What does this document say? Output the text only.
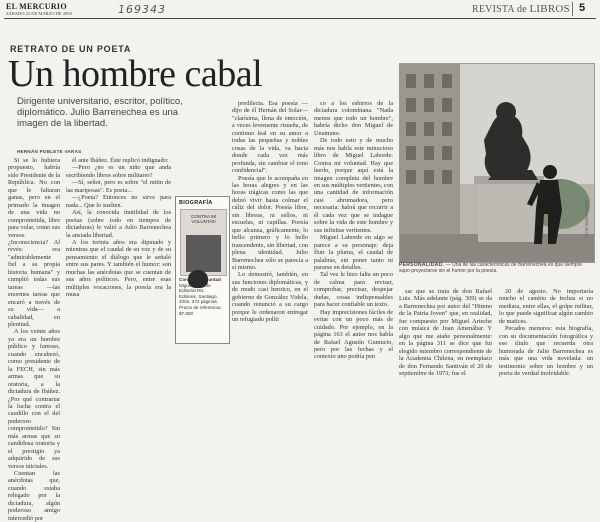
EL MERCURIO
SÁBADO 22 DE MARZO DE 2003	169343	REVISTA de LIBROS 5
RETRATO DE UN POETA
Un hombre cabal
Dirigente universitario, escritor, político, diplomático. Julio Barrenechea es una imagen de la libertad.
HERNÁN POBLETE VARAS

Si se lo hubiera propuesto, habría sido Presidente de la República. No con que le faltaran ganas, pero en el primado la imagen de una vida no comprometida, libre para volar, como sus versos. ¿Inconsciencia? Al revés: era "admirablemente fiel a su propia historia humana" y cumplió todas sus tareas —las enormes tareas que encaró a través de su vida— a cabalidad, en plenitud.

A los veinte años ya era un hombre público y famoso, cuando encabezó, como presidente de la FECH, sin más armas que su oratoria, a la dictadura de Ibáñez. ¿Por qué contrariar la lucha contra el caudillo con el del poderoso comprometido? Sin más armas que su candidosa oratoria y el prestigio ya adquirido de sus versos iniciales.

Cuentan las anécdotas que, cuando estaba relegado por la dictadura, algún poderoso amigo intercedió por

él ante Ibáñez. Éste replicó indignado:

—Pero ¿no es un niño que anda escribiendo libros sobre militares?

—Sí, señor, pero es sobre "el mitin de las mariposas". Es poeta...

—¿Poeta? Entonces no sirve para nada... Que lo suelten.

Así, la conocida inutilidad de los poetas (sobre todo en tiempos de dictaduras) le valió a Julio Barrenechea la ansiada libertad.

A los treinta años era diputado y mientras que el caudal de su voz y de su pensamiento el diálogo que le señaló entre sus pares. Y también el humor: son muchas las anécdotas que se cuentan de sus años políticos. Pero, entre esas múltiples vocaciones, la poesía era la musa

predilecta. Esa poesía —dijo de él Hernán del Solar— "clarísima, llena de emoción, a veces levemente risueña, de continuo leal en su amor a todas las pequeñas y nobles cosas de la vida, va hacia donde cada vez más profunda, sin cambiar el tono confidencial".

Poesía que le acompaña en las horas alegres y en las horas trágicas como las que debió vivir hasta colmar el cáliz del dolor. Poesía libre, sin libreas, ni sellos, ni escuelas, ni capillas. Poesía que alcanza, gráficamente, lo bello primero y lo bello trascendente, sin libertad, con plena identidad. Julio Barrenechea sólo se parecía a sí mismo.

Lo demostró, también, en sus funciones diplomáticas, y de modo casi heroico, en el gobierno de González Videla, cuando renunció a su cargo porque le ordenaron entregar un refugiado políti

co a los esbirros de la dictadura colombiana. "Nada menos que todo un hombre", habría dicho don Miguel de Unamuno.

De todo esto y de mucho más nos habla este minucioso libro de Miguel Laborde: Contra mi voluntad. Hay que leerlo, porque aquí está la imagen completa del hombre en sus múltiples vertientes, con una cantidad de información casi abrumadora, pero necesaria: habrá que recurrir a él cada vez que se indague sobre la vida de este hombre y sus infinitas vertientes.

Miguel Laborde en algo se parece a su personaje: deja fluir la pluma, el caudal de palabras, sin poner tanto ni pararse en detalles.

Tal vez le hizo falta un poco de calma para revisar, comprobar, precisar, despejar dudas, cosas indispensables para hacer confiable un texto.

Hay imprecisiones fáciles de evitar con un poco más de cuidado. Por ejemplo, en la página 163 el autor nos habla de Rafael Agustín Gumucio, pero por las fechas y el contexto uno podría pen

sar que se trata de don Rafael Luis. Más adelante (pág. 309) se da a Barrenechea por autor del "Himno de la Patria Joven" que, en realidad, fue compuesto por Miguel Arteche con música de Juan Amenábar. Y algo que me atañe personalmente: en la página 311 se dice que fui elegido miembro correspondiente de la Academia Chilena, en reemplazo de don Fernando Santiván el 20 de septiembre de 1973; fue el

20 de agosto. No importaría mucho el cambio de fechas si no mediara, entre ellas, el golpe militar, lo que puede significar algún cambio de matices.

Pecados menores: esta biografía, con su documentación fotográfica y ese título que recuerda otra humorada de Julio Barrenechea es más que una vida novelada: un testimonio sobre un hombre y un poeta de verdad inolvidable.

BIOGRAFÍA
CONTRA MI VOLUNTAD
Contra mi voluntad
Miguel Laborde
Editorial RIL
Editores, Santiago, 2002, 372 páginas.
Precio de referencia: $7.800
FOTO SERGIO LÓPEZ
PERSONALIDAD. — Una de las características de Barrenechea es que siempre supo proyectarse sin el humor por la poesía.
